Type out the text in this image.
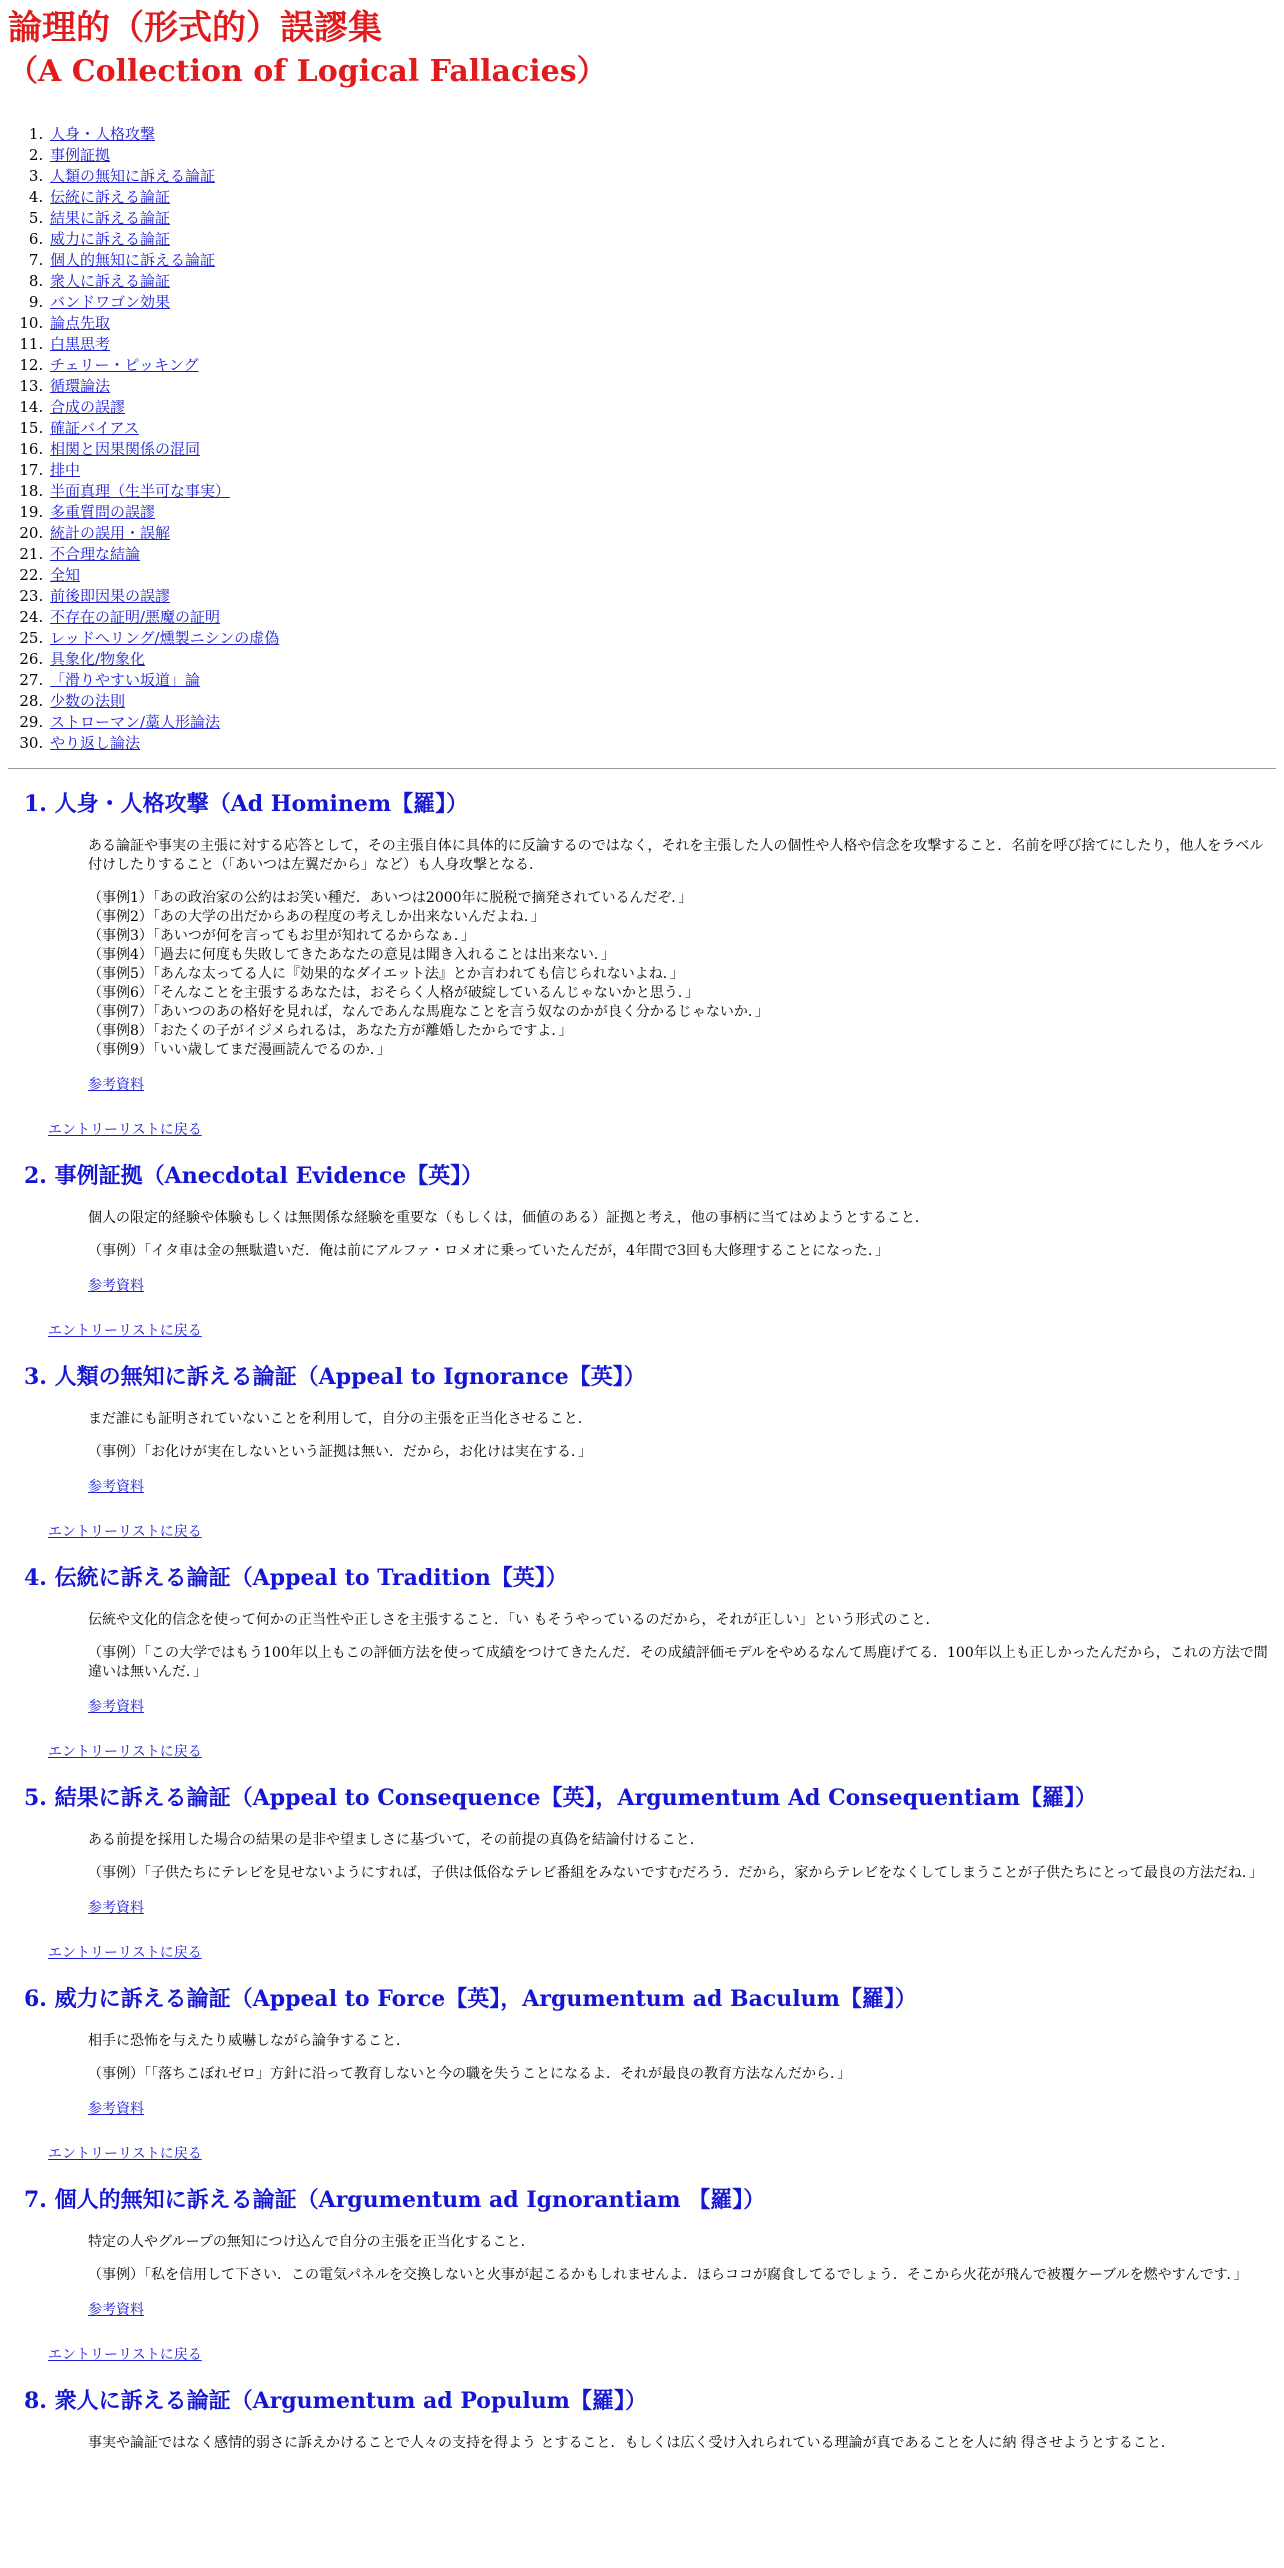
論理的（形式的）誤謬集
（A Collection of Logical Fallacies）
1. 人身・人格攻撃
2. 事例証拠
3. 人類の無知に訴える論証
4. 伝統に訴える論証
5. 結果に訴える論証
6. 威力に訴える論証
7. 個人的無知に訴える論証
8. 衆人に訴える論証
9. バンドワゴン効果
10. 論点先取
11. 白黒思考
12. チェリー・ピッキング
13. 循環論法
14. 合成の誤謬
15. 確証バイアス
16. 相関と因果関係の混同
17. 排中
18. 半面真理（生半可な事実）
19. 多重質問の誤謬
20. 統計の誤用・誤解
21. 不合理な結論
22. 全知
23. 前後即因果の誤謬
24. 不存在の証明/悪魔の証明
25. レッドへリング/燻製ニシンの虚偽
26. 具象化/物象化
27. 「滑りやすい坂道」論
28. 少数の法則
29. ストローマン/藁人形論法
30. やり返し論法
1. 人身・人格攻撃（Ad Hominem【羅】）

ある論証や事実の主張に対する応答として，その主張自体に具体的に反論するのではなく，それを主張した人の個性や人格や信念を攻撃すること．名前を呼び捨てにしたり，他人をラベル付けしたりすること（「あいつは左翼だから」など）も人身攻撃となる．

（事例1）「あの政治家の公約はお笑い種だ．あいつは2000年に脱税で摘発されているんだぞ．」
（事例2）「あの大学の出だからあの程度の考えしか出来ないんだよね．」
（事例3）「あいつが何を言ってもお里が知れてるからなぁ．」
（事例4）「過去に何度も失敗してきたあなたの意見は聞き入れることは出来ない．」
（事例5）「あんな太ってる人に『効果的なダイエット法』とか言われても信じられないよね．」
（事例6）「そんなことを主張するあなたは，おそらく人格が破綻しているんじゃないかと思う．」
（事例7）「あいつのあの格好を見れば，なんであんな馬鹿なことを言う奴なのかが良く分かるじゃないか．」
（事例8）「おたくの子がイジメられるは，あなた方が離婚したからですよ．」
（事例9）「いい歳してまだ漫画読んでるのか．」
参考資料
エントリーリストに戻る
2. 事例証拠（Anecdotal Evidence【英】）

個人の限定的経験や体験もしくは無関係な経験を重要な（もしくは，価値のある）証拠と考え，他の事柄に当てはめようとすること．

（事例）「イタ車は金の無駄遣いだ．俺は前にアルファ・ロメオに乗っていたんだが，4年間で3回も大修理することになった．」
参考資料
エントリーリストに戻る
3. 人類の無知に訴える論証（Appeal to Ignorance【英】）

まだ誰にも証明されていないことを利用して，自分の主張を正当化させること．

（事例）「お化けが実在しないという証拠は無い．だから，お化けは実在する．」
参考資料
エントリーリストに戻る
4. 伝統に訴える論証（Appeal to Tradition【英】）

伝統や文化的信念を使って何かの正当性や正しさを主張すること．「い もそうやっているのだから，それが正しい」という形式のこと．

（事例）「この大学ではもう100年以上もこの評価方法を使って成績をつけてきたんだ．その成績評価モデルをやめるなんて馬鹿げてる．100年以上も正しかったんだから，これの方法で間違いは無いんだ．」
参考資料
エントリーリストに戻る
5. 結果に訴える論証（Appeal to Consequence【英】，Argumentum Ad Consequentiam【羅】）

ある前提を採用した場合の結果の是非や望ましさに基づいて，その前提の真偽を結論付けること．

（事例）「子供たちにテレビを見せないようにすれば，子供は低俗なテレビ番組をみないですむだろう．だから，家からテレビをなくしてしまうことが子供たちにとって最良の方法だね．」
参考資料
エントリーリストに戻る
6. 威力に訴える論証（Appeal to Force【英】，Argumentum ad Baculum【羅】）

相手に恐怖を与えたり威嚇しながら論争すること．

（事例）「「落ちこぼれゼロ」方針に沿って教育しないと今の職を失うことになるよ．それが最良の教育方法なんだから．」
参考資料
エントリーリストに戻る
7. 個人的無知に訴える論証（Argumentum ad Ignorantiam 【羅】）

特定の人やグループの無知につけ込んで自分の主張を正当化すること．

（事例）「私を信用して下さい．この電気パネルを交換しないと火事が起こるかもしれませんよ．ほらココが腐食してるでしょう．そこから火花が飛んで被覆ケーブルを燃やすんです．」
参考資料
エントリーリストに戻る
8. 衆人に訴える論証（Argumentum ad Populum【羅】）

事実や論証ではなく感情的弱さに訴えかけることで人々の支持を得よう とすること．もしくは広く受け入れられている理論が真であることを人に納 得させようとすること．
